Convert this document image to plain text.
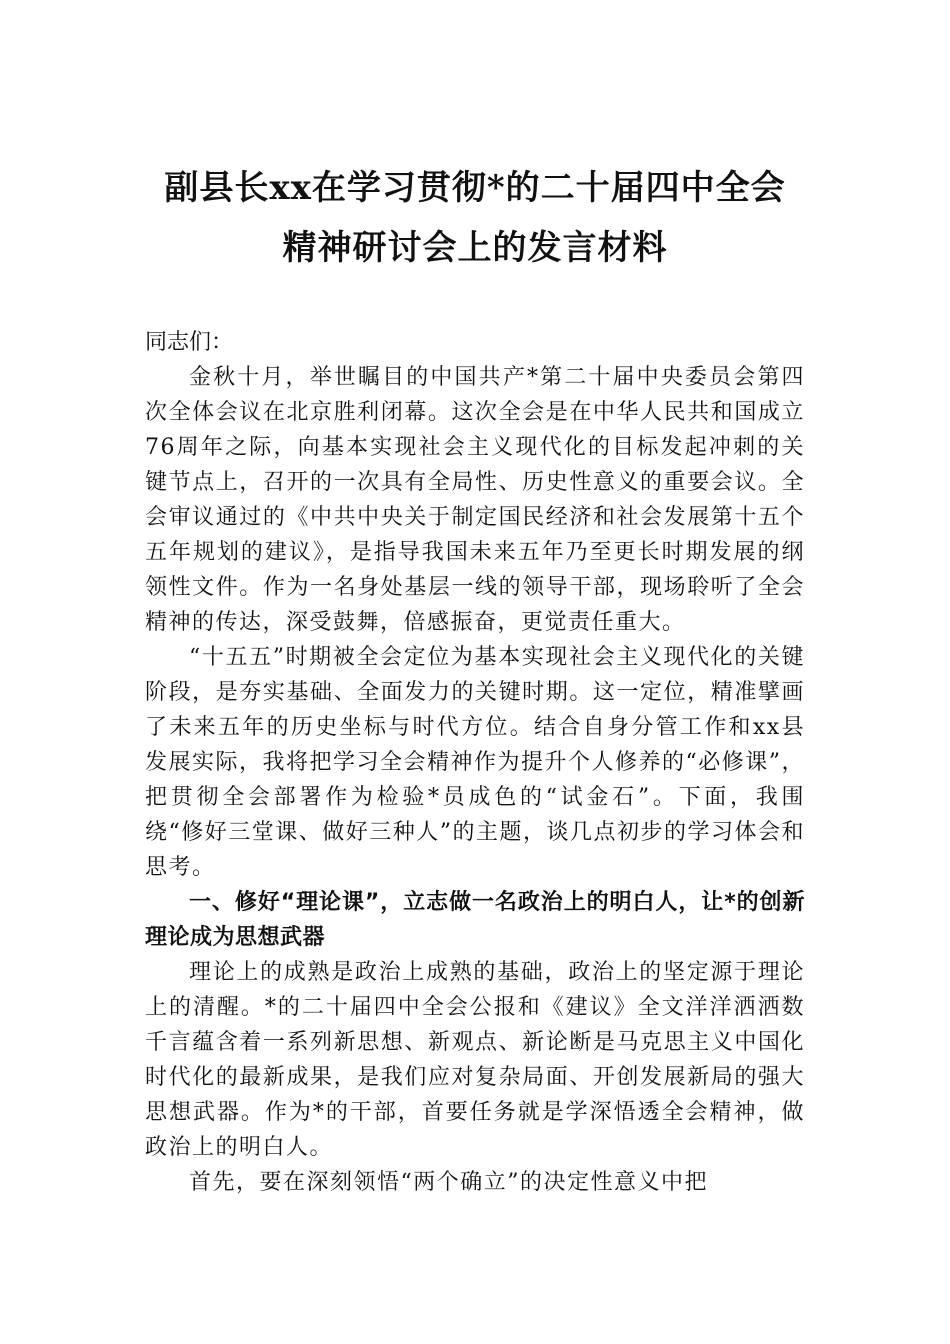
副县长xx在学习贯彻*的二十届四中全会
精神研讨会上的发言材料

同志们：

金秋十月，举世瞩目的中国共产*第二十届中央委员会第四次全体会议在北京胜利闭幕。这次全会是在中华人民共和国成立76周年之际，向基本实现社会主义现代化的目标发起冲刺的关键节点上，召开的一次具有全局性、历史性意义的重要会议。全会审议通过的《中共中央关于制定国民经济和社会发展第十五个五年规划的建议》，是指导我国未来五年乃至更长时期发展的纲领性文件。作为一名身处基层一线的领导干部，现场聆听了全会精神的传达，深受鼓舞，倍感振奋，更觉责任重大。

“十五五”时期被全会定位为基本实现社会主义现代化的关键阶段，是夯实基础、全面发力的关键时期。这一定位，精准擘画了未来五年的历史坐标与时代方位。结合自身分管工作和xx县发展实际，我将把学习全会精神作为提升个人修养的“必修课”，把贯彻全会部署作为检验*员成色的“试金石”。下面，我围绕“修好三堂课、做好三种人”的主题，谈几点初步的学习体会和思考。

一、修好“理论课”，立志做一名政治上的明白人，让*的创新理论成为思想武器

理论上的成熟是政治上成熟的基础，政治上的坚定源于理论上的清醒。*的二十届四中全会公报和《建议》全文洋洋洒洒数千言蕴含着一系列新思想、新观点、新论断是马克思主义中国化时代化的最新成果，是我们应对复杂局面、开创发展新局的强大思想武器。作为*的干部，首要任务就是学深悟透全会精神，做政治上的明白人。

首先，要在深刻领悟“两个确立”的决定性意义中把
